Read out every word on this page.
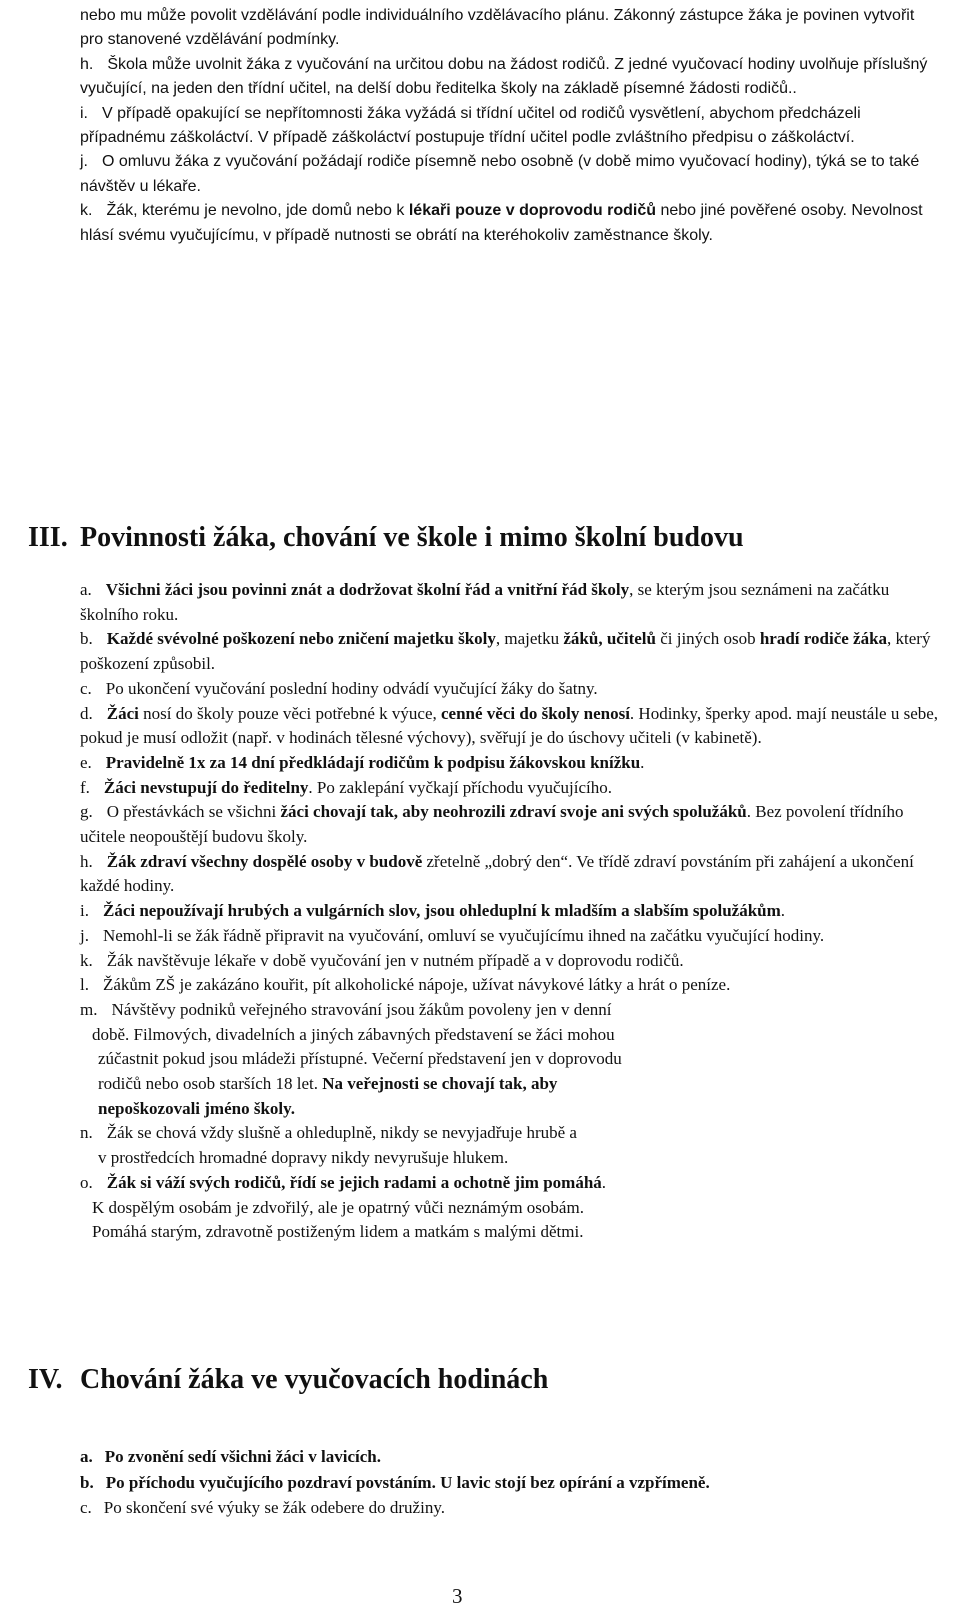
nebo mu může povolit vzdělávání podle individuálního vzdělávacího plánu. Zákonný zástupce žáka je povinen vytvořit pro stanovené vzdělávání podmínky.

h. Škola může uvolnit žáka z vyučování na určitou dobu na žádost rodičů. Z jedné vyučovací hodiny uvolňuje příslušný vyučující, na jeden den třídní učitel, na delší dobu ředitelka školy na základě písemné žádosti rodičů..

i. V případě opakující se nepřítomnosti žáka vyžádá si třídní učitel od rodičů vysvětlení, abychom předcházeli případnému záškoláctví. V případě záškoláctví postupuje třídní učitel podle zvláštního předpisu o záškoláctví.

j. O omluvu žáka z vyučování požádají rodiče písemně nebo osobně (v době mimo vyučovací hodiny), týká se to také návštěv u lékaře.

k. Žák, kterému je nevolno, jde domů nebo k lékaři pouze v doprovodu rodičů nebo jiné pověřené osoby. Nevolnost hlásí svému vyučujícímu, v případě nutnosti se obrátí na kteréhokoliv zaměstnance školy.

III. Povinnosti žáka, chování ve škole i mimo školní budovu

a. Všichni žáci jsou povinni znát a dodržovat školní řád a vnitřní řád školy, se kterým jsou seznámeni na začátku školního roku.

b. Každé svévolné poškození nebo zničení majetku školy, majetku žáků, učitelů či jiných osob hradí rodiče žáka, který poškození způsobil.

c. Po ukončení vyučování poslední hodiny odvádí vyučující žáky do šatny.

d. Žáci nosí do školy pouze věci potřebné k výuce, cenné věci do školy nenosí. Hodinky, šperky apod. mají neustále u sebe, pokud je musí odložit (např. v hodinách tělesné výchovy), svěřují je do úschovy učiteli (v kabinetě).

e. Pravidelně 1x za 14 dní předkládají rodičům k podpisu žákovskou knížku.

f. Žáci nevstupují do ředitelny. Po zaklepání vyčkají příchodu vyučujícího.

g. O přestávkách se všichni žáci chovají tak, aby neohrozili zdraví svoje ani svých spolužáků. Bez povolení třídního učitele neopouštějí budovu školy.

h. Žák zdraví všechny dospělé osoby v budově zřetelně „dobrý den“. Ve třídě zdraví povstáním při zahájení a ukončení každé hodiny.

i. Žáci nepoužívají hrubých a vulgárních slov, jsou ohleduplní k mladším a slabším spolužákům.

j. Nemohl-li se žák řádně připravit na vyučování, omluví se vyučujícímu ihned na začátku vyučující hodiny.

k. Žák navštěvuje lékaře v době vyučování jen v nutném případě a v doprovodu rodičů.

l. Žákům ZŠ je zakázáno kouřit, pít alkoholické nápoje, užívat návykové látky a hrát o peníze.

m. Návštěvy podniků veřejného stravování jsou žákům povoleny jen v denní
době. Filmových, divadelních a jiných zábavných představení se žáci mohou
zúčastnit pokud jsou mládeži přístupné. Večerní představení jen v doprovodu
rodičů nebo osob starších 18 let. Na veřejnosti se chovají tak, aby
nepoškozovali jméno školy.
n. Žák se chová vždy slušně a ohleduplně, nikdy se nevyjadřuje hrubě a
v prostředcích hromadné dopravy nikdy nevyrušuje hlukem.
o. Žák si váží svých rodičů, řídí se jejich radami a ochotně jim pomáhá.
K dospělým osobám je zdvořilý, ale je opatrný vůči neznámým osobám.
Pomáhá starým, zdravotně postiženým lidem a matkám s malými dětmi.
IV. Chování žáka ve vyučovacích hodinách

a. Po zvonění sedí všichni žáci v lavicích.

b. Po příchodu vyučujícího pozdraví povstáním. U lavic stojí bez opírání a vzpřímeně.

c. Po skončení své výuky se žák odebere do družiny.

3
